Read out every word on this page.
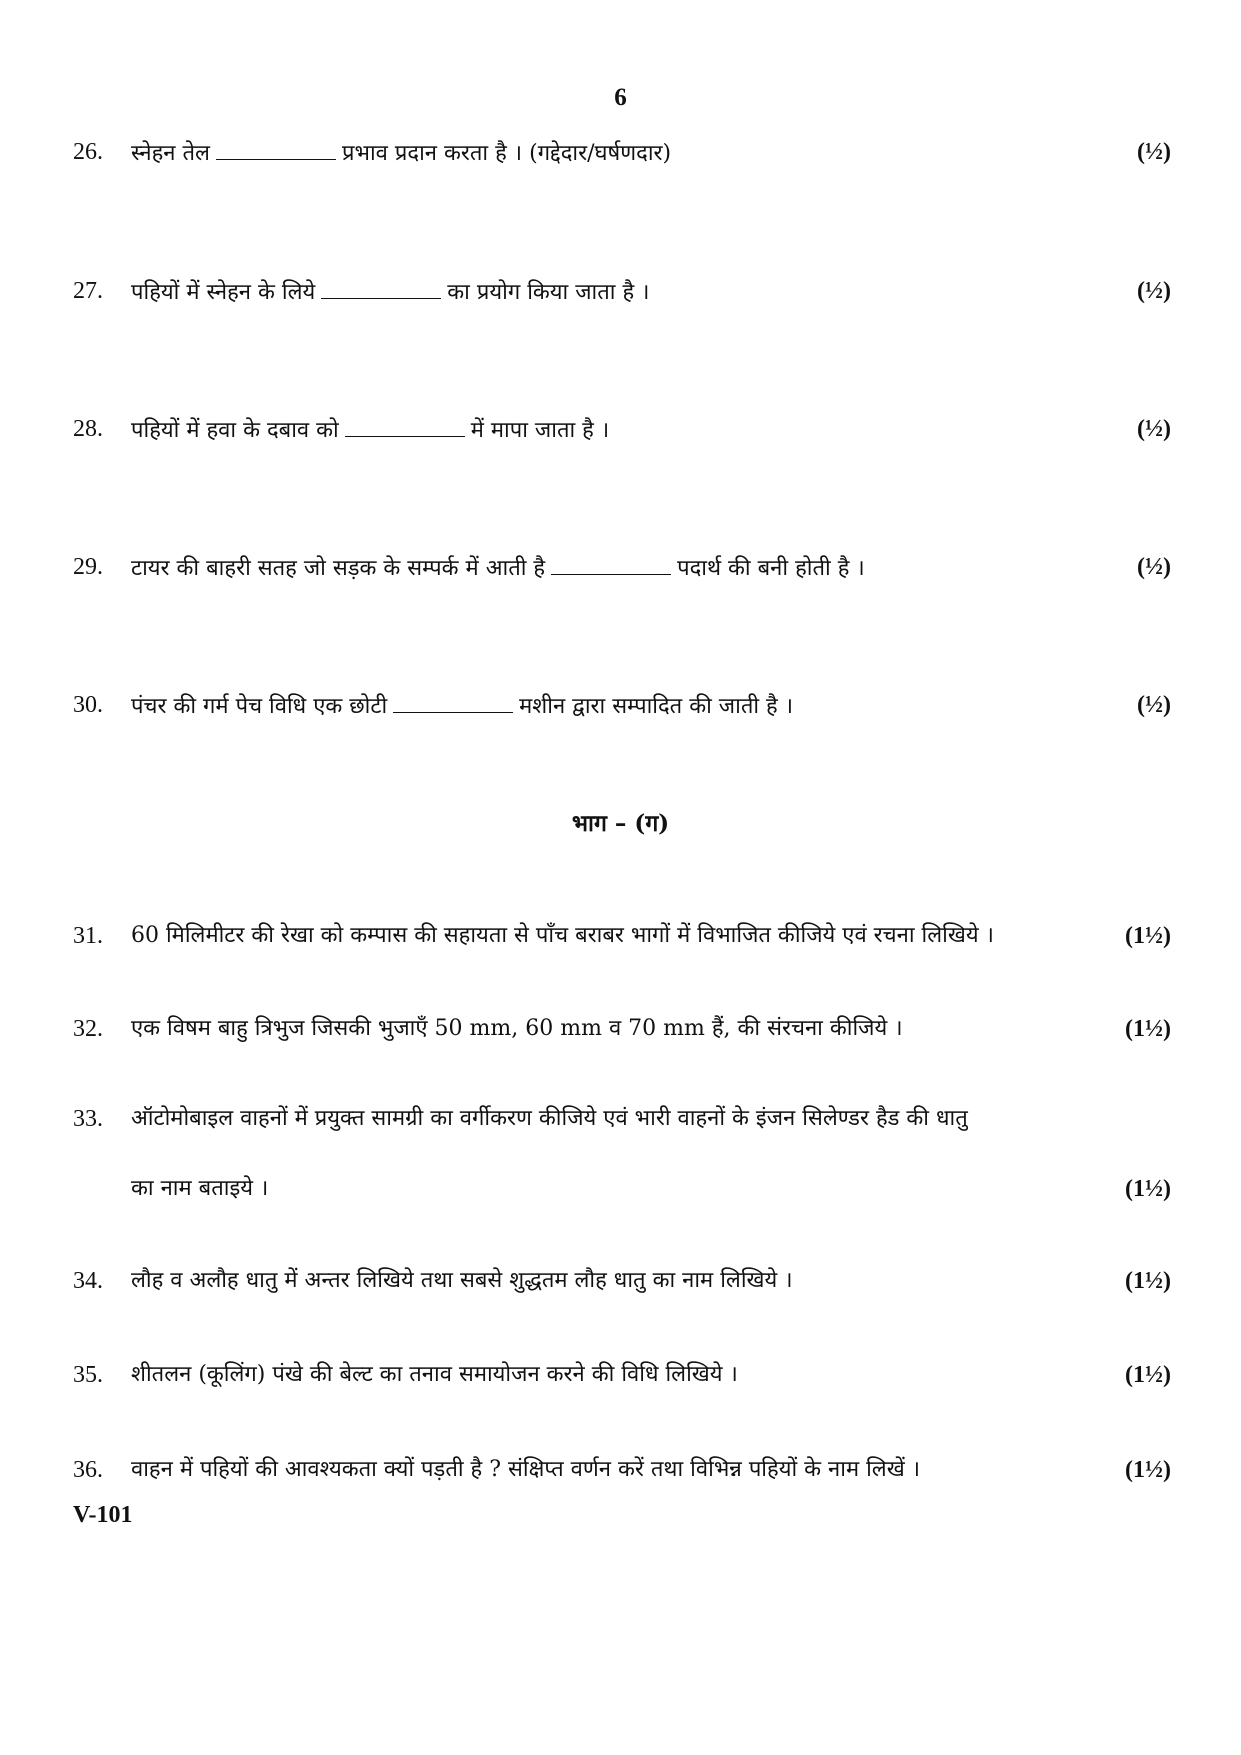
6
26. स्नेहन तेल	प्रभाव प्रदान करता है । (गद्देदार/घर्षणदार)	(½)
27. पहियों में स्नेहन के लिये	का प्रयोग किया जाता है ।	(½)
28. पहियों में हवा के दबाव को	में मापा जाता है ।	(½)
29. टायर की बाहरी सतह जो सड़क के सम्पर्क में आती है	पदार्थ की बनी होती है ।	(½)
30. पंचर की गर्म पेच विधि एक छोटी	मशीन द्वारा सम्पादित की जाती है ।	(½)
भाग – (ग)
31. 60 मिलिमीटर की रेखा को कम्पास की सहायता से पाँच बराबर भागों में विभाजित कीजिये एवं रचना लिखिये ।	(1½)
32. एक विषम बाहु त्रिभुज जिसकी भुजाएँ 50 mm, 60 mm व 70 mm हैं, की संरचना कीजिये ।	(1½)
33. ऑटोमोबाइल वाहनों में प्रयुक्त सामग्री का वर्गीकरण कीजिये एवं भारी वाहनों के इंजन सिलेण्डर हैड की धातु
का नाम बताइये ।	(1½)
34. लौह व अलौह धातु में अन्तर लिखिये तथा सबसे शुद्धतम लौह धातु का नाम लिखिये ।	(1½)
35. शीतलन (कूलिंग) पंखे की बेल्ट का तनाव समायोजन करने की विधि लिखिये ।	(1½)
36. वाहन में पहियों की आवश्यकता क्यों पड़ती है ? संक्षिप्त वर्णन करें तथा विभिन्न पहियों के नाम लिखें ।	(1½)
V-101
